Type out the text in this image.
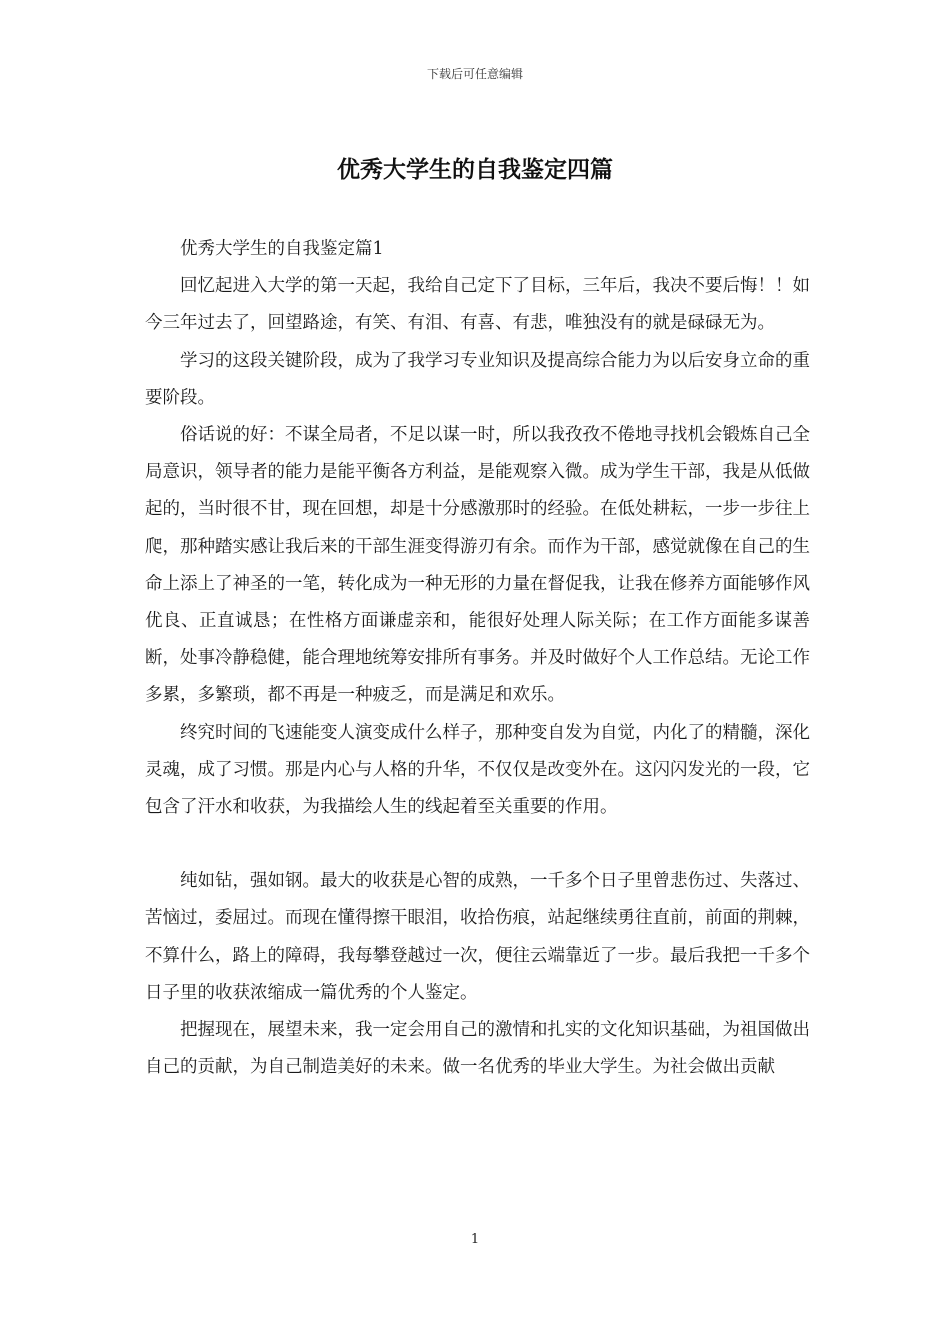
下载后可任意编辑
优秀大学生的自我鉴定四篇

优秀大学生的自我鉴定篇1

回忆起进入大学的第一天起，我给自己定下了目标，三年后，我决不要后悔！！如今三年过去了，回望路途，有笑、有泪、有喜、有悲，唯独没有的就是碌碌无为。

学习的这段关键阶段，成为了我学习专业知识及提高综合能力为以后安身立命的重要阶段。

俗话说的好：不谋全局者，不足以谋一时，所以我孜孜不倦地寻找机会锻炼自己全局意识，领导者的能力是能平衡各方利益，是能观察入微。成为学生干部，我是从低做起的，当时很不甘，现在回想，却是十分感激那时的经验。在低处耕耘，一步一步往上爬，那种踏实感让我后来的干部生涯变得游刃有余。而作为干部，感觉就像在自己的生命上添上了神圣的一笔，转化成为一种无形的力量在督促我，让我在修养方面能够作风优良、正直诚恳；在性格方面谦虚亲和，能很好处理人际关际；在工作方面能多谋善断，处事冷静稳健，能合理地统筹安排所有事务。并及时做好个人工作总结。无论工作多累，多繁琐，都不再是一种疲乏，而是满足和欢乐。

终究时间的飞速能变人演变成什么样子，那种变自发为自觉，内化了的精髓，深化灵魂，成了习惯。那是内心与人格的升华，不仅仅是改变外在。这闪闪发光的一段，它包含了汗水和收获，为我描绘人生的线起着至关重要的作用。

纯如钻，强如钢。最大的收获是心智的成熟，一千多个日子里曾悲伤过、失落过、苦恼过，委屈过。而现在懂得擦干眼泪，收拾伤痕，站起继续勇往直前，前面的荆棘，不算什么，路上的障碍，我每攀登越过一次，便往云端靠近了一步。最后我把一千多个日子里的收获浓缩成一篇优秀的个人鉴定。

把握现在，展望未来，我一定会用自己的激情和扎实的文化知识基础，为祖国做出自己的贡献，为自己制造美好的未来。做一名优秀的毕业大学生。为社会做出贡献

1
